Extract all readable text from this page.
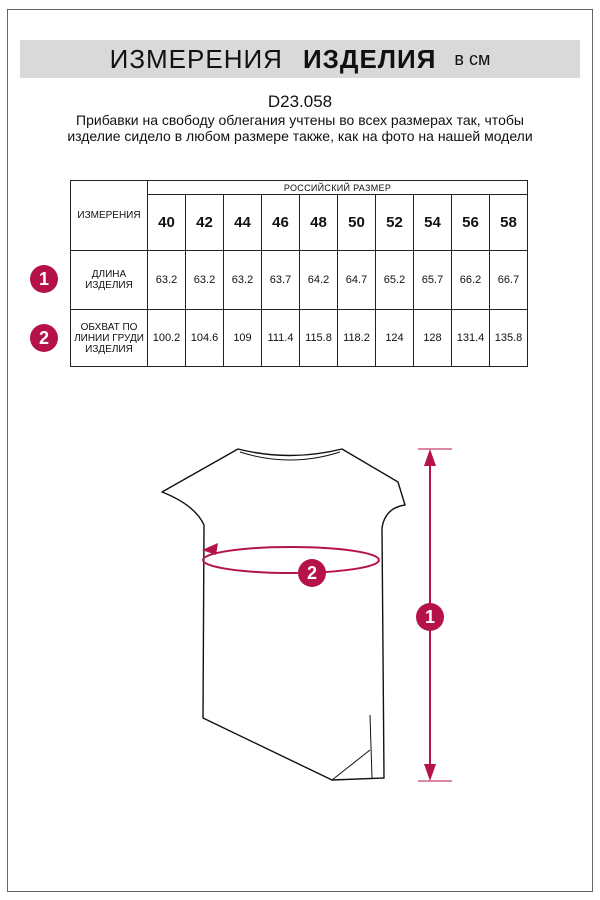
ИЗМЕРЕНИЯ ИЗДЕЛИЯ в см
D23.058
Прибавки на свободу облегания учтены во всех размерах так, чтобы изделие сидело в любом размере также, как на фото на нашей модели
ИЗМЕРЕНИЯ	РОССИЙСКИЙ РАЗМЕР									
	40	42	44	46	48	50	52	54	56	58
ДЛИНА ИЗДЕЛИЯ	63.2	63.2	63.2	63.7	64.2	64.7	65.2	65.7	66.2	66.7
ОБХВАТ ПО ЛИНИИ ГРУДИ ИЗДЕЛИЯ	100.2	104.6	109	111.4	115.8	118.2	124	128	131.4	135.8
1
2
2
1
